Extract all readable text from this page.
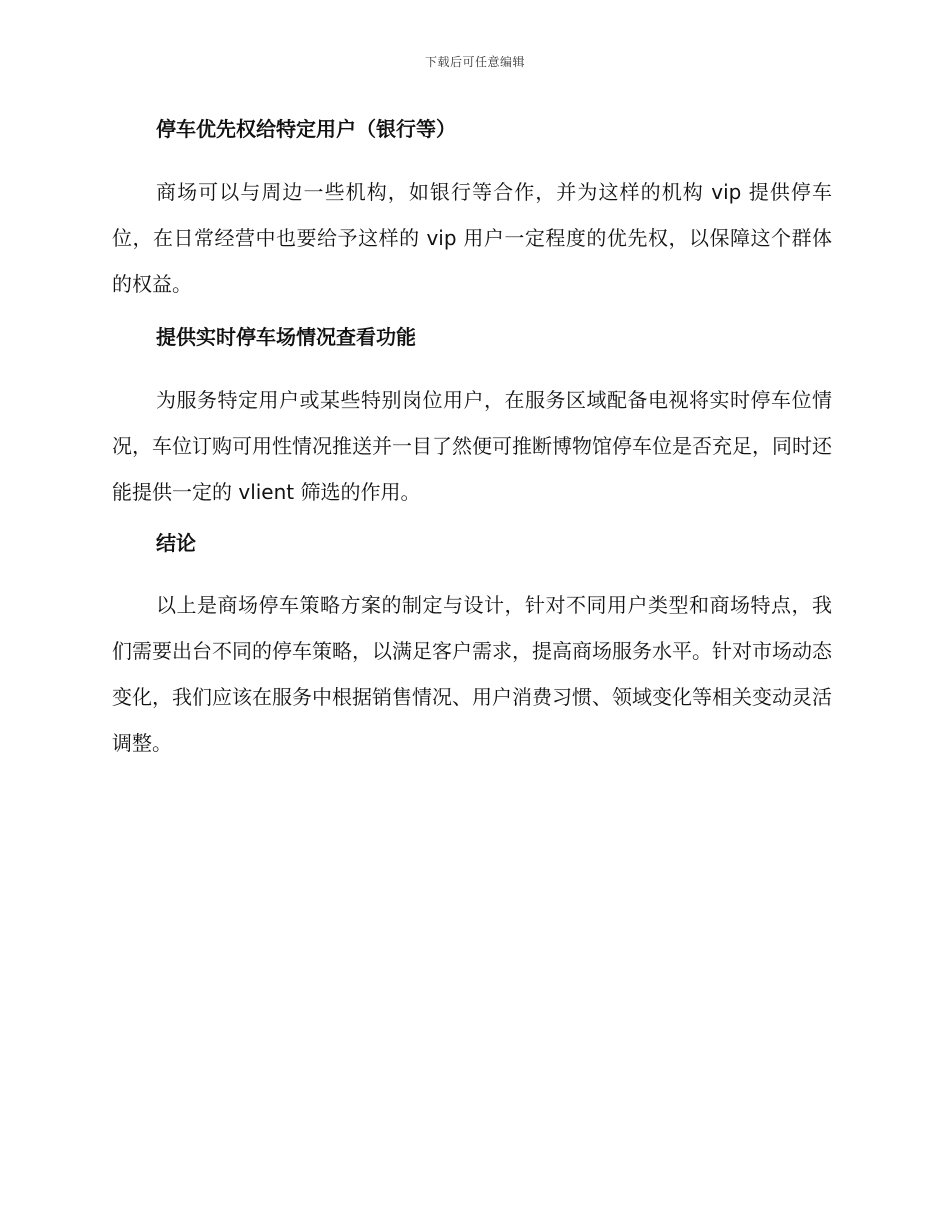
下载后可任意编辑
停车优先权给特定用户（银行等）

商场可以与周边一些机构，如银行等合作，并为这样的机构 vip 提供停车位，在日常经营中也要给予这样的 vip 用户一定程度的优先权，以保障这个群体的权益。

提供实时停车场情况查看功能

为服务特定用户或某些特别岗位用户，在服务区域配备电视将实时停车位情况，车位订购可用性情况推送并一目了然便可推断博物馆停车位是否充足，同时还能提供一定的 vlient 筛选的作用。

结论

以上是商场停车策略方案的制定与设计，针对不同用户类型和商场特点，我们需要出台不同的停车策略，以满足客户需求，提高商场服务水平。针对市场动态变化，我们应该在服务中根据销售情况、用户消费习惯、领域变化等相关变动灵活调整。
